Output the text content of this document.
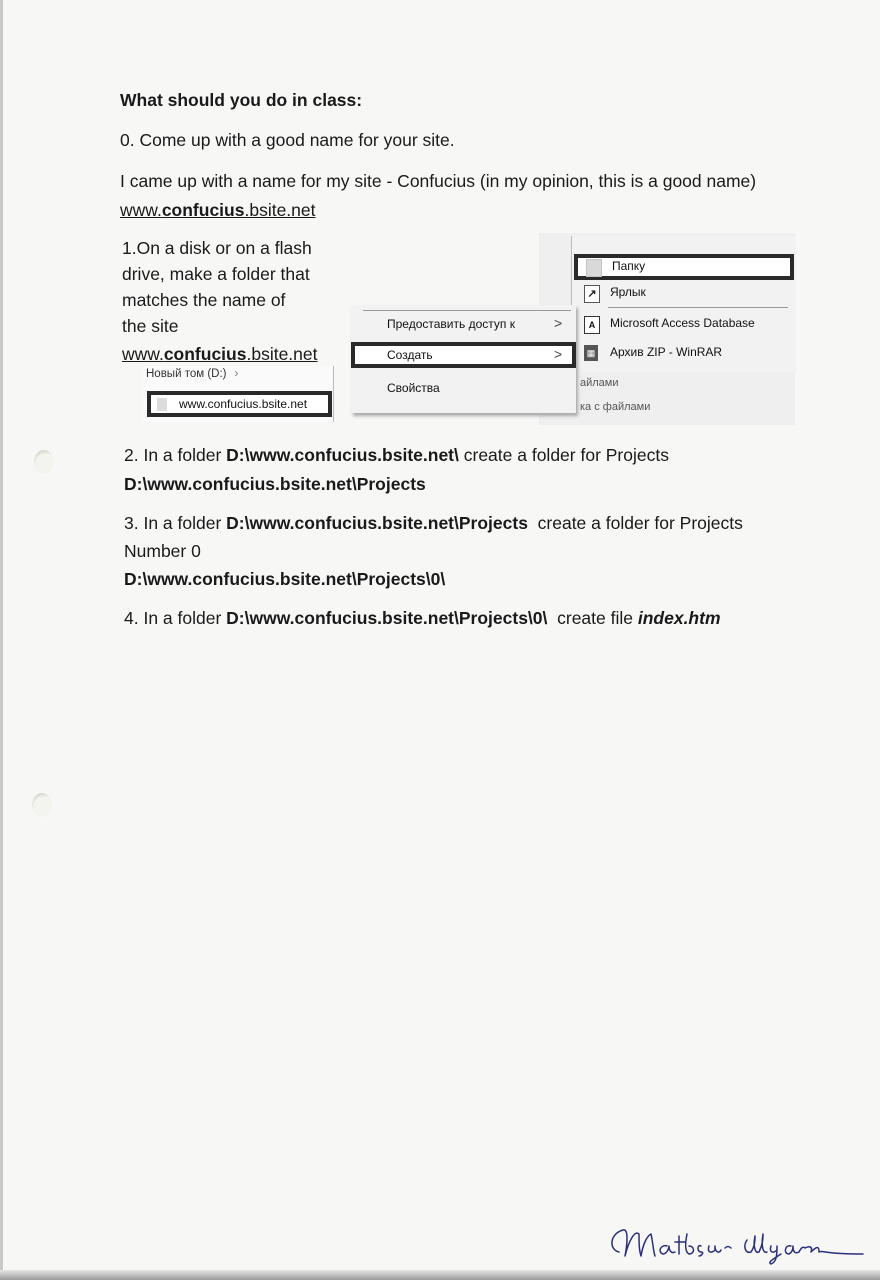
What should you do in class:
0. Come up with a good name for your site.
I came up with a name for my site - Confucius (in my opinion, this is a good name)
www.confucius.bsite.net
1.On a disk or on a flash
drive, make a folder that
matches the name of
the site
www.confucius.bsite.net
Новый том (D:) ›
www.confucius.bsite.net
Папку
↗ Ярлык
A	Microsoft Access Database
▦ Архив ZIP - WinRAR
Предоставить доступ к	>
Создать	>
Свойства	айлами
ка с файлами
2. In a folder D:\www.confucius.bsite.net\ create a folder for Projects
D:\www.confucius.bsite.net\Projects
3. In a folder D:\www.confucius.bsite.net\Projects  create a folder for Projects
Number 0
D:\www.confucius.bsite.net\Projects\0\
4. In a folder D:\www.confucius.bsite.net\Projects\0\  create file index.htm
